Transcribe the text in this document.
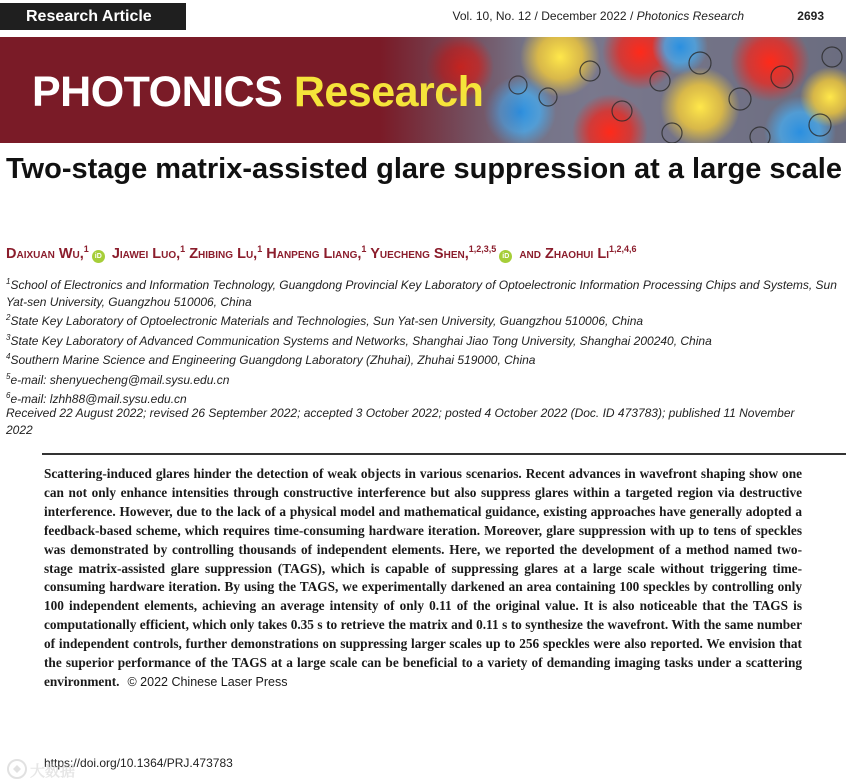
Research Article	Vol. 10, No. 12 / December 2022 / Photonics Research	2693
PHOTONICS Research
Two-stage matrix-assisted glare suppression at a large scale
Daixuan Wu,$^1$iD Jiawei Luo,$^1$ Zhibing Lu,$^1$ Hanpeng Liang,$^1$ Yuecheng Shen,$^{1,2,3,5}$iD and Zhaohui Li$^{1,2,4,6}$
$^1$School of Electronics and Information Technology, Guangdong Provincial Key Laboratory of Optoelectronic Information Processing Chips and Systems, Sun Yat-sen University, Guangzhou 510006, China
$^2$State Key Laboratory of Optoelectronic Materials and Technologies, Sun Yat-sen University, Guangzhou 510006, China
$^3$State Key Laboratory of Advanced Communication Systems and Networks, Shanghai Jiao Tong University, Shanghai 200240, China
$^4$Southern Marine Science and Engineering Guangdong Laboratory (Zhuhai), Zhuhai 519000, China
$^5$e-mail: shenyuecheng@mail.sysu.edu.cn
$^6$e-mail: lzhh88@mail.sysu.edu.cn
Received 22 August 2022; revised 26 September 2022; accepted 3 October 2022; posted 4 October 2022 (Doc. ID 473783); published 11 November 2022

Scattering-induced glares hinder the detection of weak objects in various scenarios. Recent advances in wavefront shaping show one can not only enhance intensities through constructive interference but also suppress glares within a targeted region via destructive interference. However, due to the lack of a physical model and mathematical guidance, existing approaches have generally adopted a feedback-based scheme, which requires time-consuming hardware iteration. Moreover, glare suppression with up to tens of speckles was demonstrated by controlling thousands of independent elements. Here, we reported the development of a method named two-stage matrix-assisted glare suppression (TAGS), which is capable of suppressing glares at a large scale without triggering time-consuming hardware iteration. By using the TAGS, we experimentally darkened an area containing 100 speckles by controlling only 100 independent elements, achieving an average intensity of only 0.11 of the original value. It is also noticeable that the TAGS is computationally efficient, which only takes 0.35 s to retrieve the matrix and 0.11 s to synthesize the wavefront. With the same number of independent controls, further demonstrations on suppressing larger scales up to 256 speckles were also reported. We envision that the superior performance of the TAGS at a large scale can be beneficial to a variety of demanding imaging tasks under a scattering environment. © 2022 Chinese Laser Press

https://doi.org/10.1364/PRJ.473783
大数据
